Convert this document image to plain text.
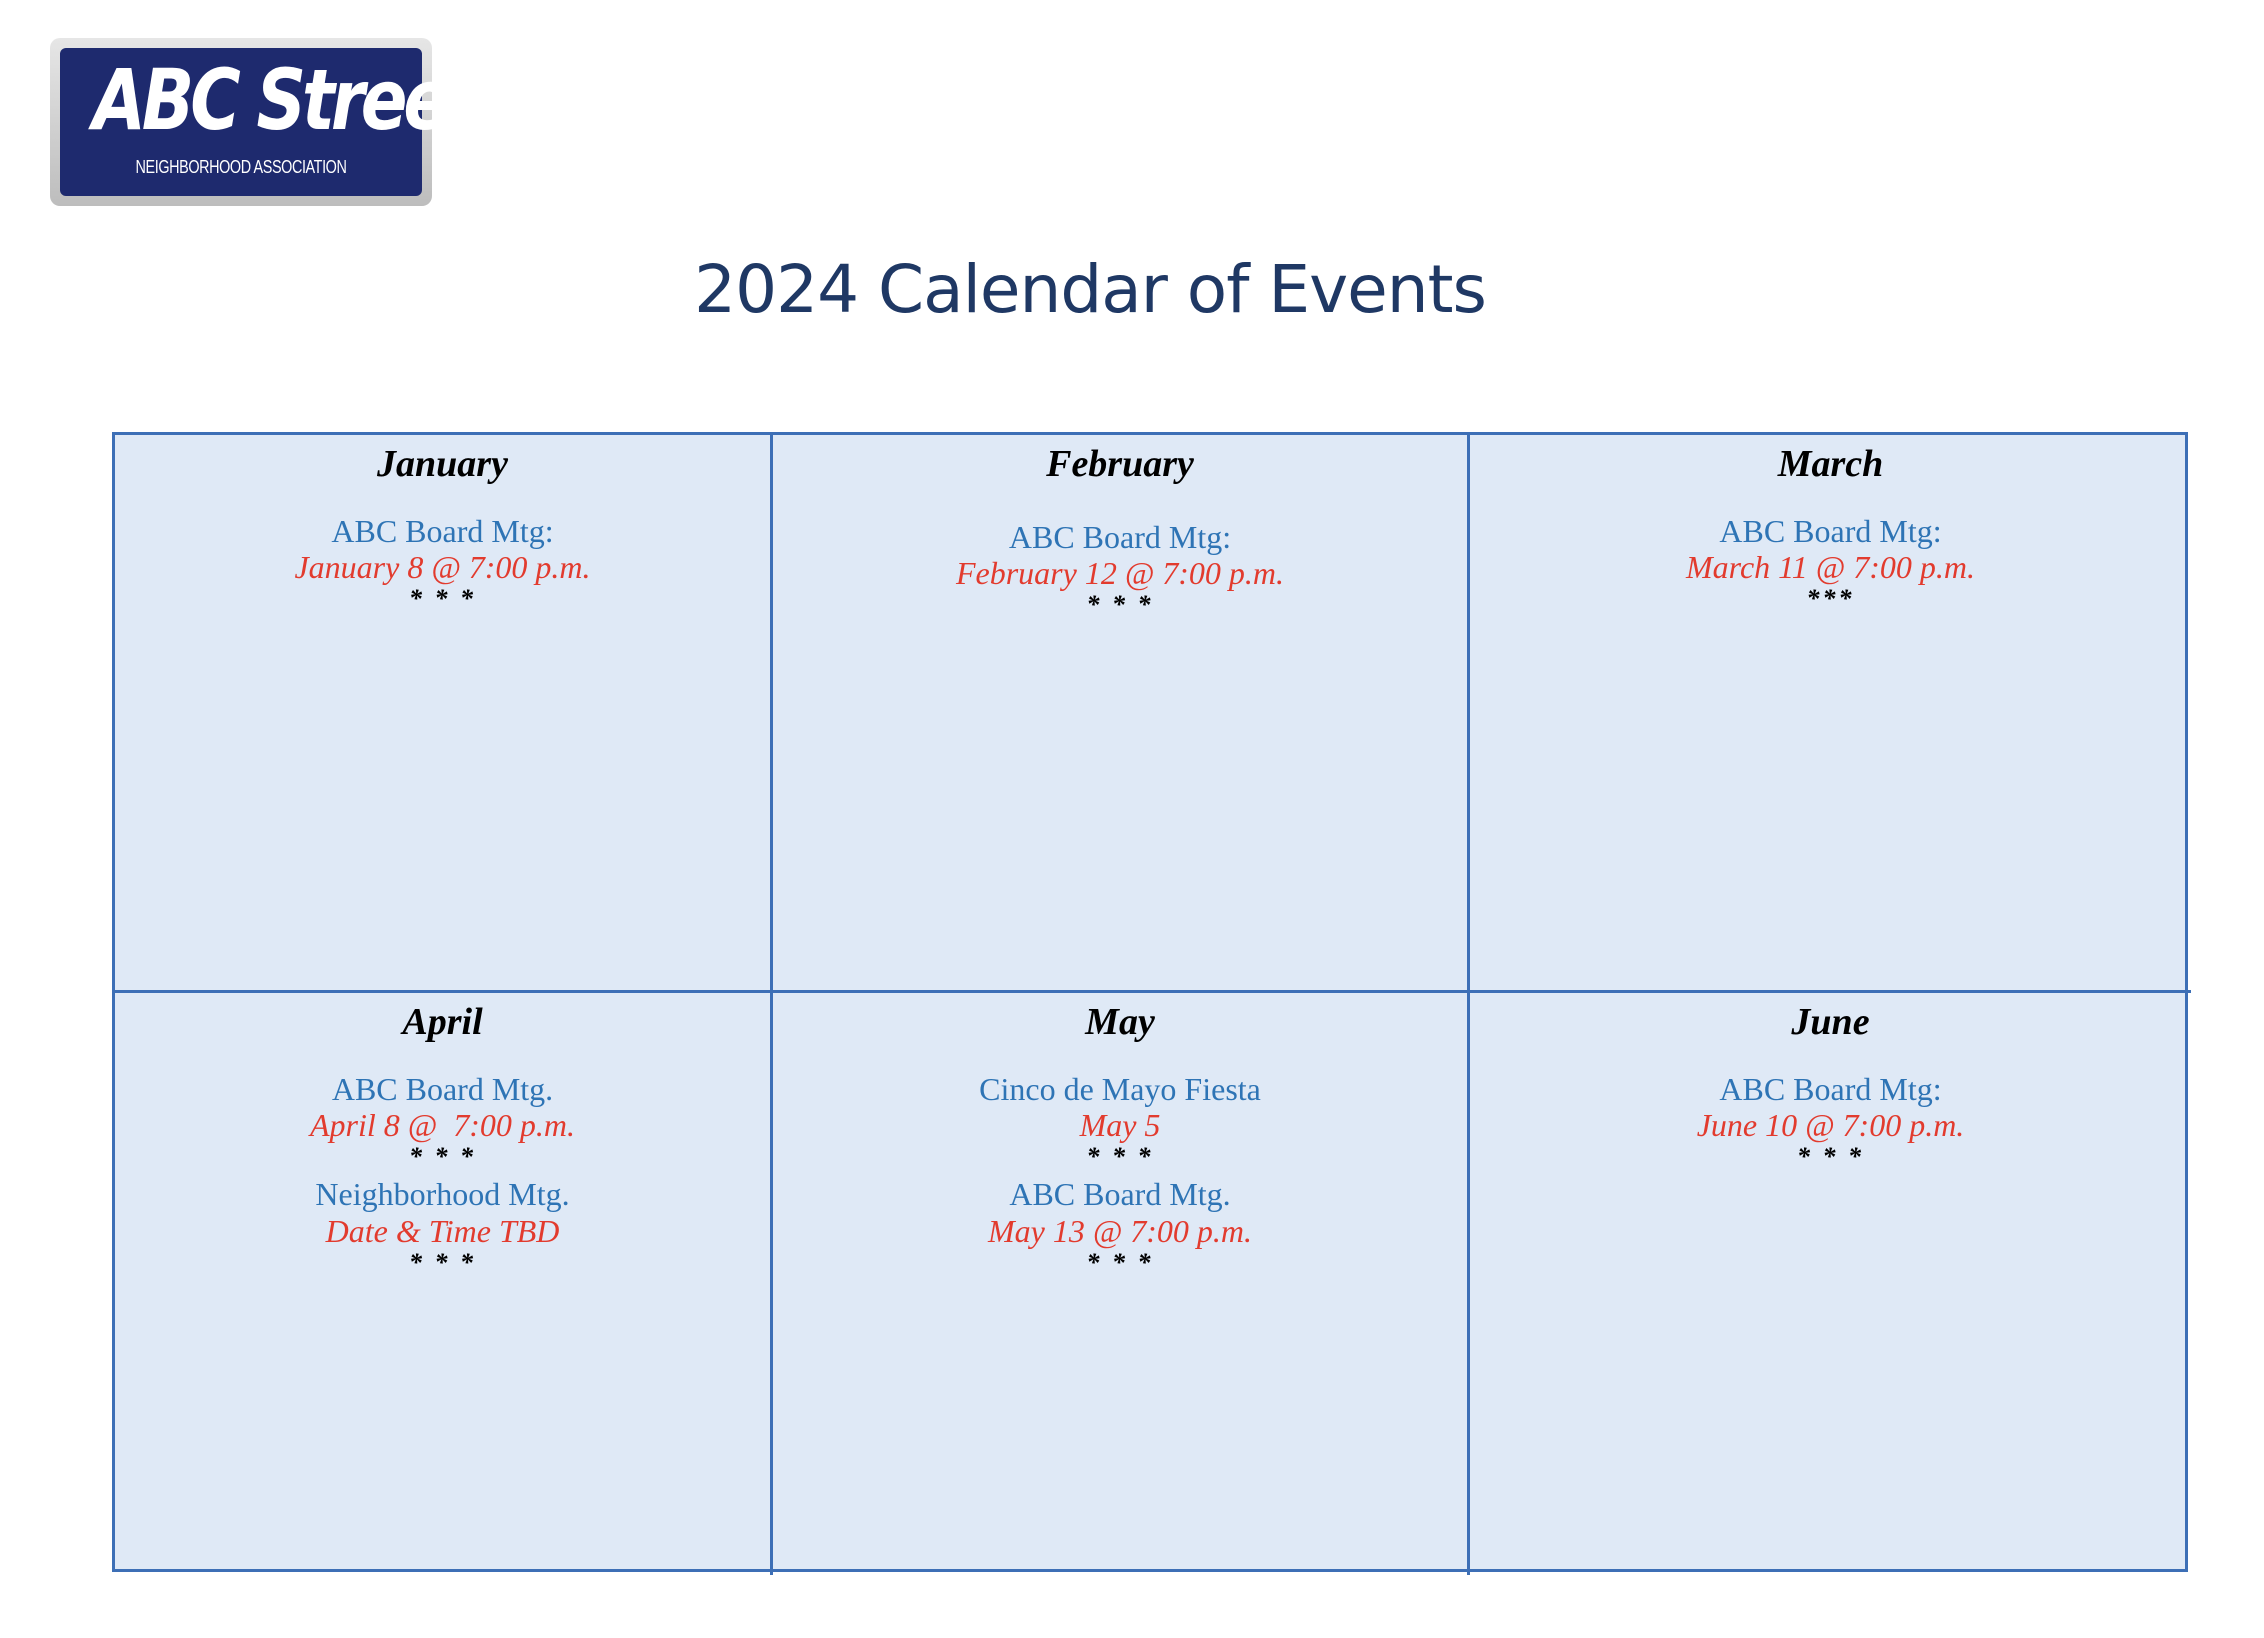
ABC Streets
NEIGHBORHOOD ASSOCIATION
2024 Calendar of Events
January
ABC Board Mtg:
January 8 @ 7:00 p.m.
* * *
February
ABC Board Mtg:
February 12 @ 7:00 p.m.
* * *
March
ABC Board Mtg:
March 11 @ 7:00 p.m.
***
April
ABC Board Mtg.
April 8 @  7:00 p.m.
* * *
Neighborhood Mtg.
Date & Time TBD
* * *
May
Cinco de Mayo Fiesta
May 5
* * *
ABC Board Mtg.
May 13 @ 7:00 p.m.
* * *
June
ABC Board Mtg:
June 10 @ 7:00 p.m.
* * *
